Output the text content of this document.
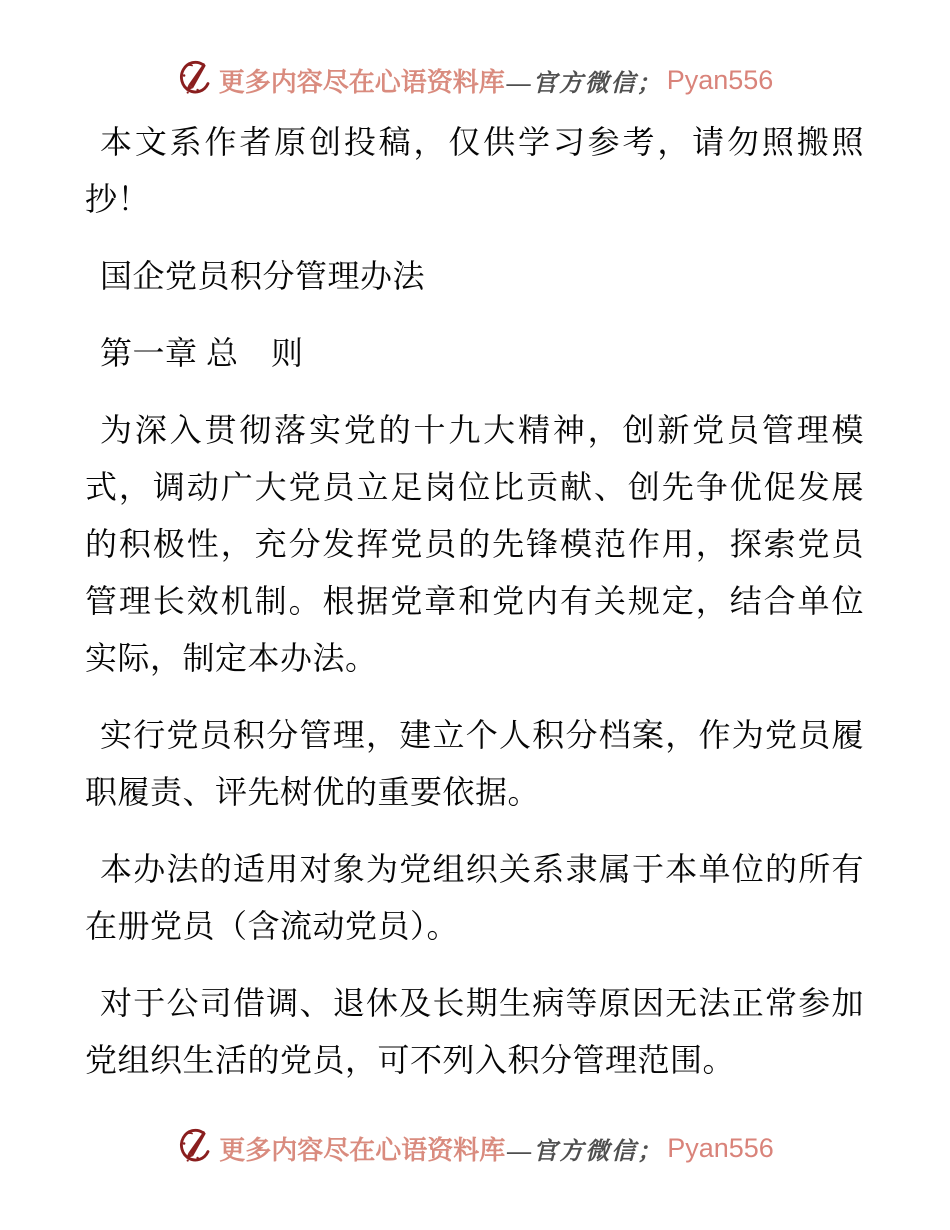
更多内容尽在心语资料库 —官方微信； Pyan556

本文系作者原创投稿，仅供学习参考，请勿照搬照抄！

国企党员积分管理办法

第一章 总　则

为深入贯彻落实党的十九大精神，创新党员管理模式，调动广大党员立足岗位比贡献、创先争优促发展的积极性，充分发挥党员的先锋模范作用，探索党员管理长效机制。根据党章和党内有关规定，结合单位实际，制定本办法。

实行党员积分管理，建立个人积分档案，作为党员履职履责、评先树优的重要依据。

本办法的适用对象为党组织关系隶属于本单位的所有在册党员（含流动党员）。

对于公司借调、退休及长期生病等原因无法正常参加党组织生活的党员，可不列入积分管理范围。

更多内容尽在心语资料库 —官方微信； Pyan556
